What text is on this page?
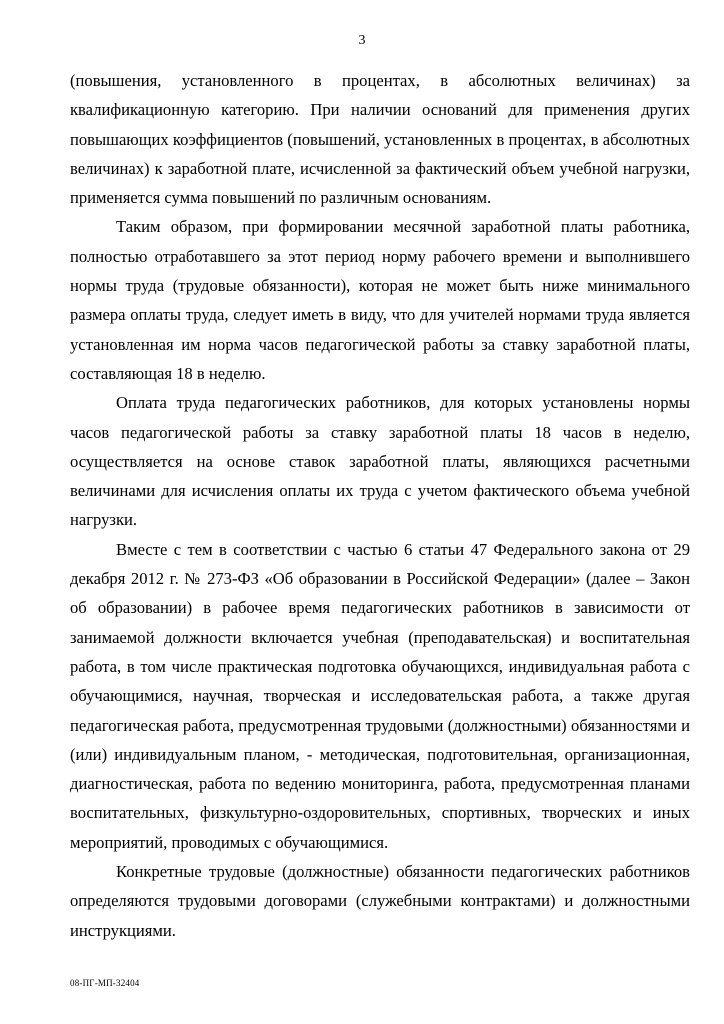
3

(повышения, установленного в процентах, в абсолютных величинах) за квалификационную категорию. При наличии оснований для применения других повышающих коэффициентов (повышений, установленных в процентах, в абсолютных величинах) к заработной плате, исчисленной за фактический объем учебной нагрузки, применяется сумма повышений по различным основаниям.

Таким образом, при формировании месячной заработной платы работника, полностью отработавшего за этот период норму рабочего времени и выполнившего нормы труда (трудовые обязанности), которая не может быть ниже минимального размера оплаты труда, следует иметь в виду, что для учителей нормами труда является установленная им норма часов педагогической работы за ставку заработной платы, составляющая 18 в неделю.

Оплата труда педагогических работников, для которых установлены нормы часов педагогической работы за ставку заработной платы 18 часов в неделю, осуществляется на основе ставок заработной платы, являющихся расчетными величинами для исчисления оплаты их труда с учетом фактического объема учебной нагрузки.

Вместе с тем в соответствии с частью 6 статьи 47 Федерального закона от 29 декабря 2012 г. № 273-ФЗ «Об образовании в Российской Федерации» (далее – Закон об образовании) в рабочее время педагогических работников в зависимости от занимаемой должности включается учебная (преподавательская) и воспитательная работа, в том числе практическая подготовка обучающихся, индивидуальная работа с обучающимися, научная, творческая и исследовательская работа, а также другая педагогическая работа, предусмотренная трудовыми (должностными) обязанностями и (или) индивидуальным планом, - методическая, подготовительная, организационная, диагностическая, работа по ведению мониторинга, работа, предусмотренная планами воспитательных, физкультурно-оздоровительных, спортивных, творческих и иных мероприятий, проводимых с обучающимися.

Конкретные трудовые (должностные) обязанности педагогических работников определяются трудовыми договорами (служебными контрактами) и должностными инструкциями.

08-ПГ-МП-32404
